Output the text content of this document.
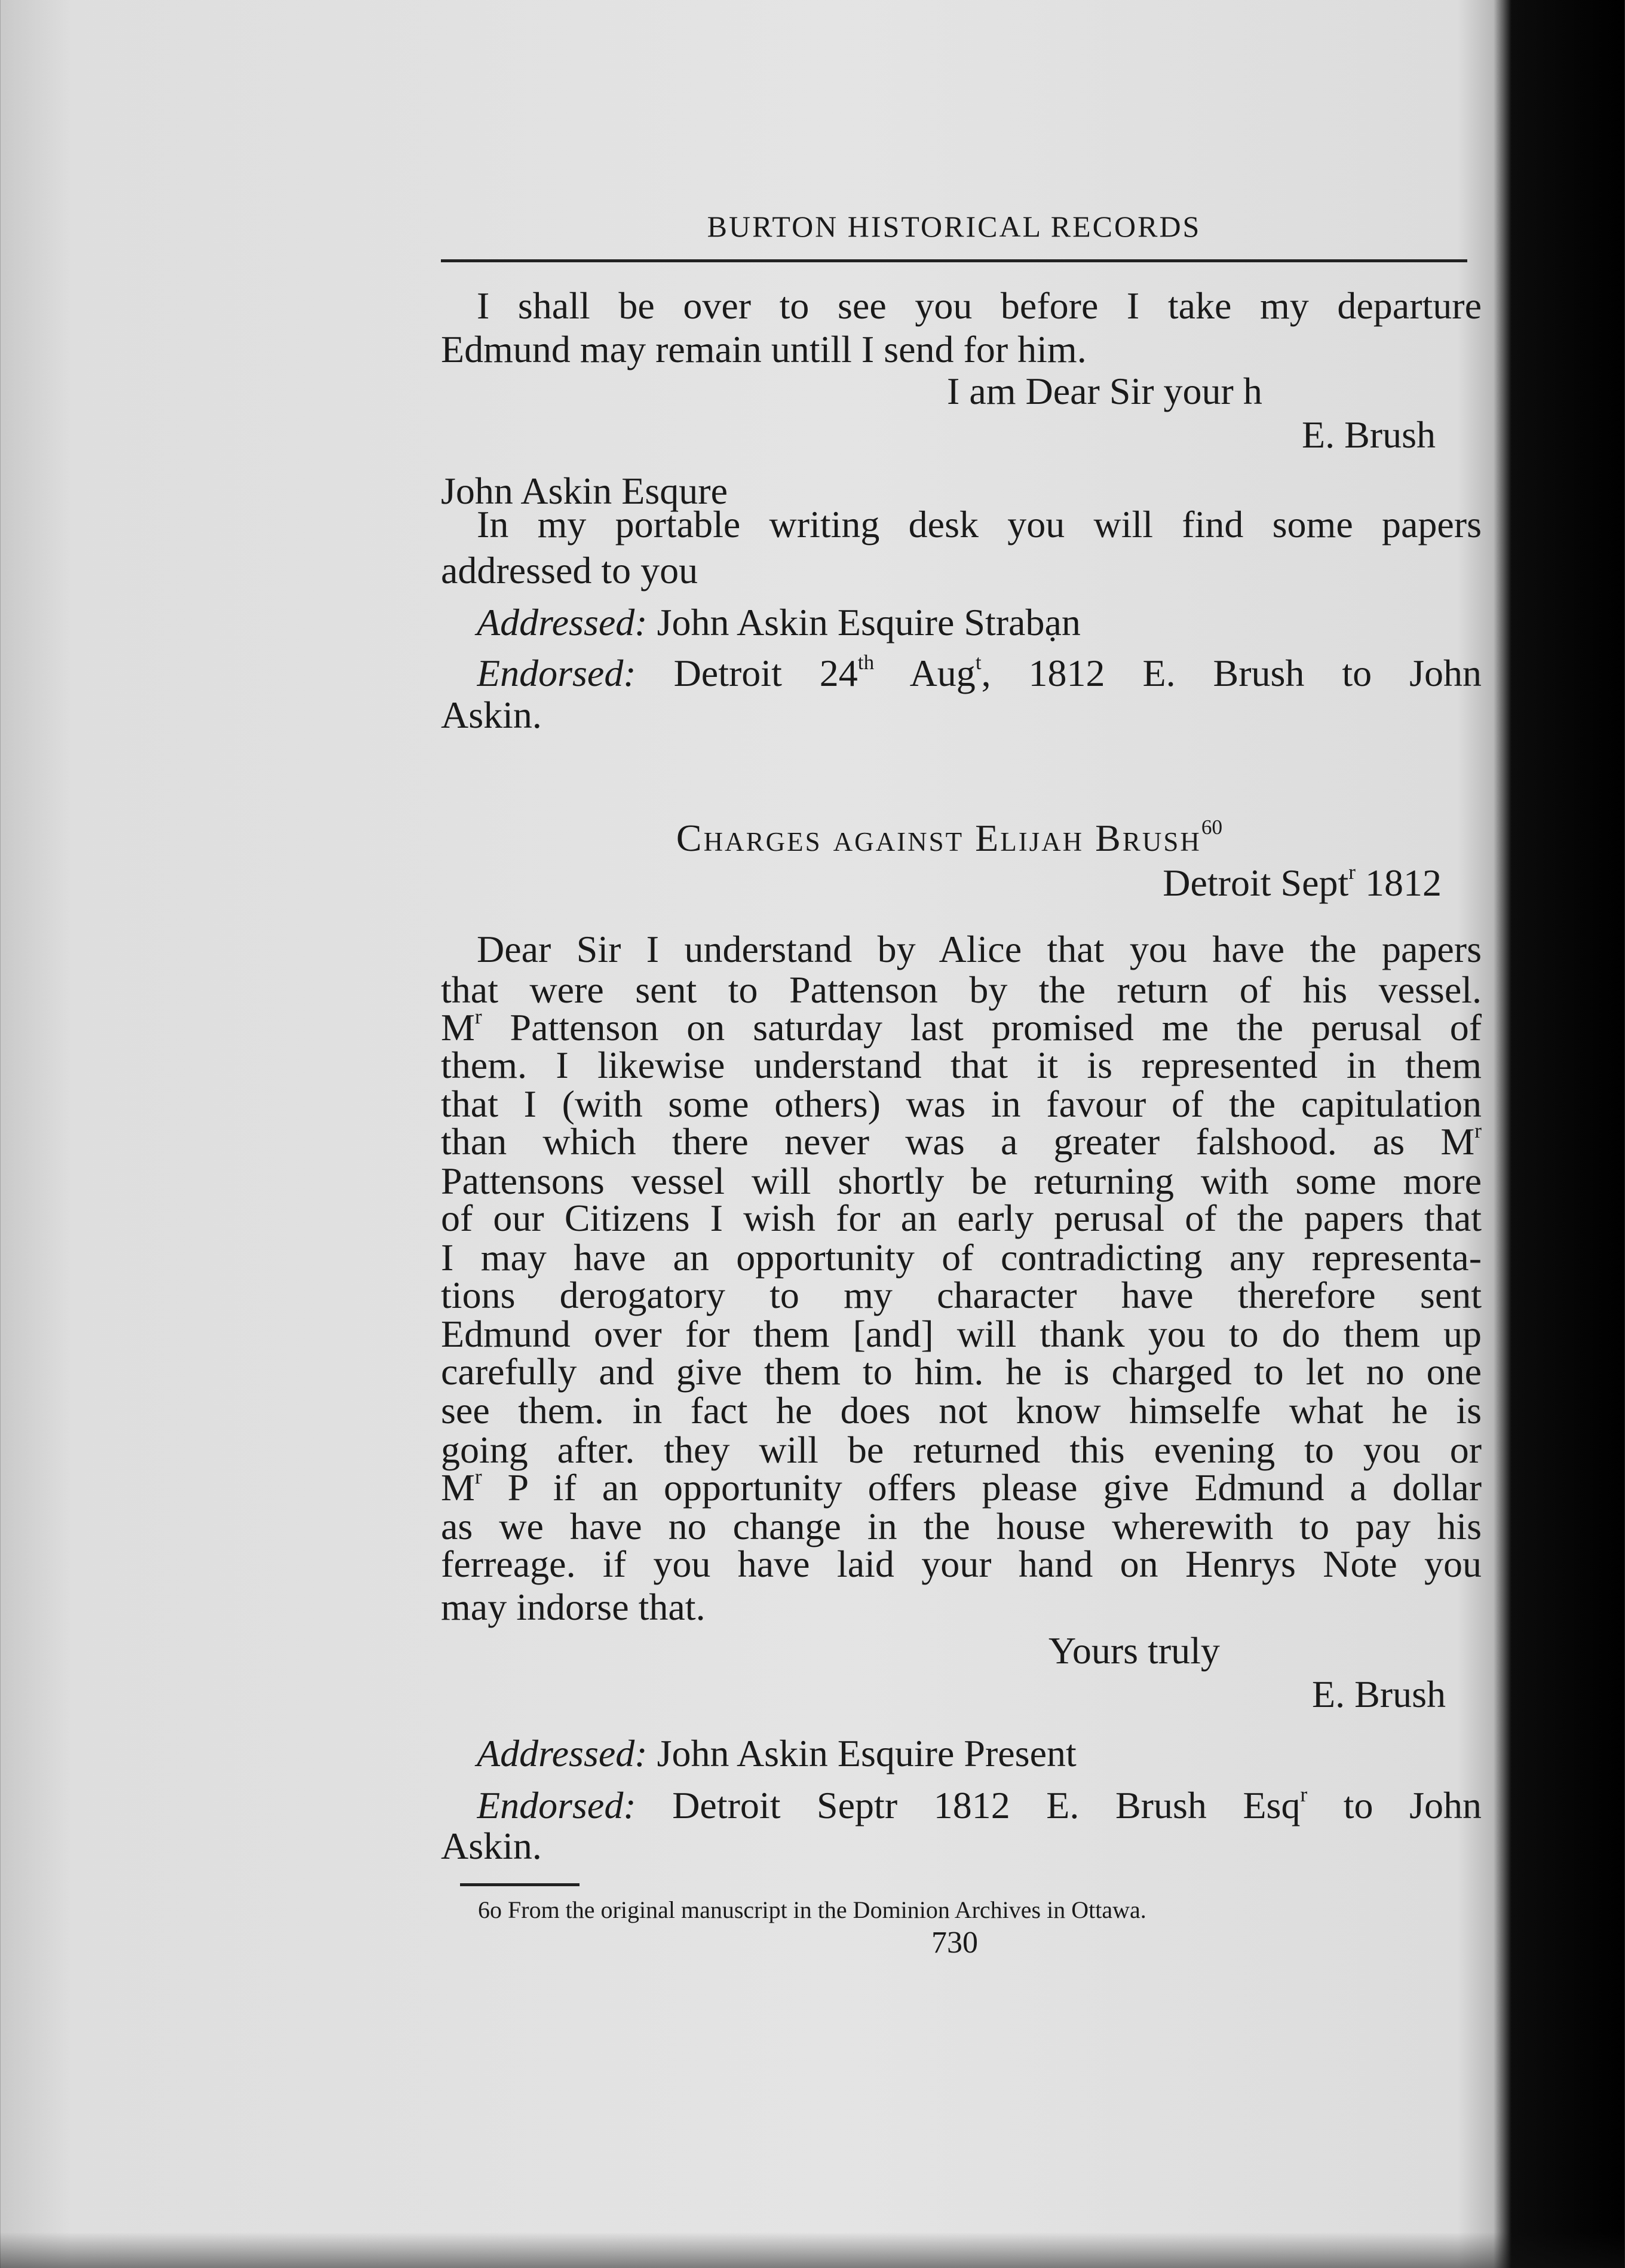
BURTON HISTORICAL RECORDS
I shall be over to see you before I take my departure
Edmund may remain untill I send for him.
I am Dear Sir your h
E. Brush
John Askin Esqure
In my portable writing desk you will find some papers
addressed to you
Addressed: John Askin Esquire Strabạn
Endorsed: Detroit 24th Aug$^t$, 1812 E. Brush to John
Askin.
Charges against Elijah Brush$^{60}$
Detroit Sept$^r$ 1812
Dear Sir I understand by Alice that you have the papers
that were sent to Pattenson by the return of his vessel.
$M^r$ Pattenson on saturday last promised me the perusal of
them. I likewise understand that it is represented in them
that I (with some others) was in favour of the capitulation
than which there never was a greater falshood. as $M^r$
Pattensons vessel will shortly be returning with some more
of our Citizens I wish for an early perusal of the papers that
I may have an opportunity of contradicting any representa-
tions derogatory to my character have therefore sent
Edmund over for them [and] will thank you to do them up
carefully and give them to him. he is charged to let no one
see them. in fact he does not know himselfe what he is
going after. they will be returned this evening to you or
$M^r$ P if an opportunity offers please give Edmund a dollar
as we have no change in the house wherewith to pay his
ferreage. if you have laid your hand on Henrys Note you
may indorse that.
Yours truly
E. Brush
Addressed: John Askin Esquire Present
Endorsed: Detroit Septr 1812 E. Brush Esq$^r$ to John
Askin.
6o From the original manuscript in the Dominion Archives in Ottawa.
730
